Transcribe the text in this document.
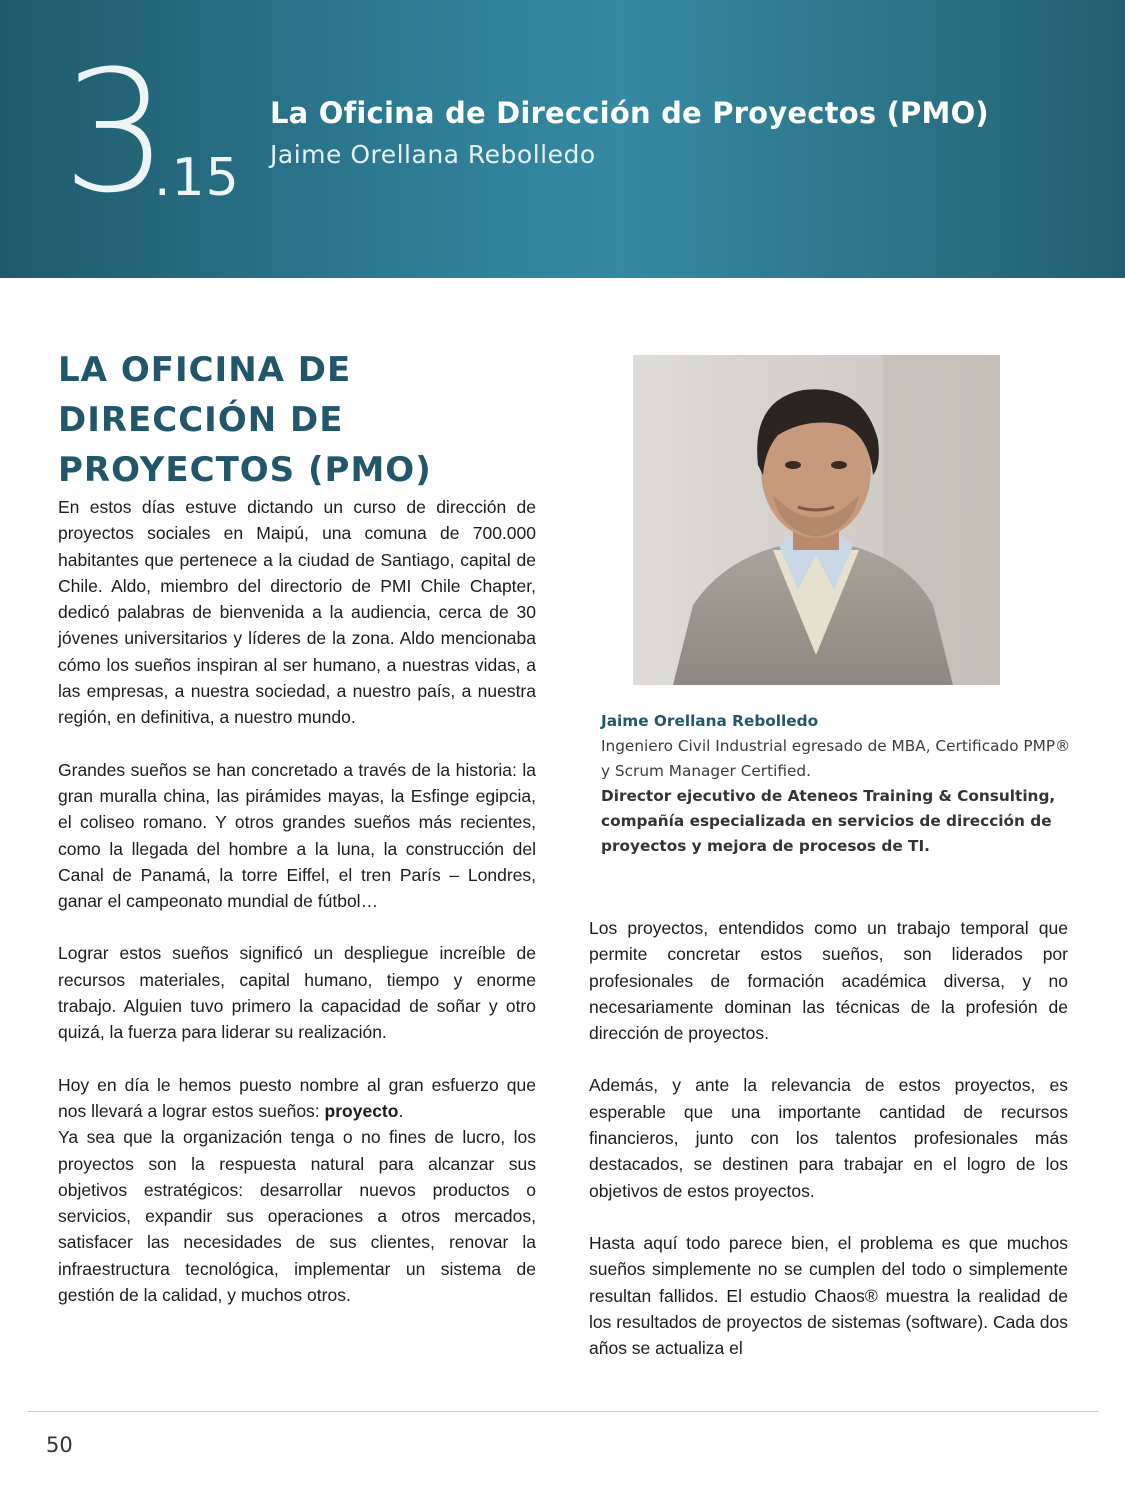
3
.15
La Oficina de Dirección de Proyectos (PMO)
Jaime Orellana Rebolledo
LA OFICINA DE DIRECCIÓN DE PROYECTOS (PMO)

En estos días estuve dictando un curso de dirección de proyectos sociales en Maipú, una comuna de 700.000 habitantes que pertenece a la ciudad de Santiago, capital de Chile. Aldo, miembro del directorio de PMI Chile Chapter, dedicó palabras de bienvenida a la audiencia, cerca de 30 jóvenes universitarios y líderes de la zona. Aldo mencionaba cómo los sueños inspiran al ser humano, a nuestras vidas, a las empresas, a nuestra sociedad, a nuestro país, a nuestra región, en definitiva, a nuestro mundo.

Grandes sueños se han concretado a través de la historia: la gran muralla china, las pirámides mayas, la Esfinge egipcia, el coliseo romano. Y otros grandes sueños más recientes, como la llegada del hombre a la luna, la construcción del Canal de Panamá, la torre Eiffel, el tren París – Londres, ganar el campeonato mundial de fútbol…

Lograr estos sueños significó un despliegue increíble de recursos materiales, capital humano, tiempo y enorme trabajo. Alguien tuvo primero la capacidad de soñar y otro quizá, la fuerza para liderar su realización.

Hoy en día le hemos puesto nombre al gran esfuerzo que nos llevará a lograr estos sueños: proyecto.

Ya sea que la organización tenga o no fines de lucro, los proyectos son la respuesta natural para alcanzar sus objetivos estratégicos: desarrollar nuevos productos o servicios, expandir sus operaciones a otros mercados, satisfacer las necesidades de sus clientes, renovar la infraestructura tecnológica, implementar un sistema de gestión de la calidad, y muchos otros.

Jaime Orellana Rebolledo
Ingeniero Civil Industrial egresado de MBA, Certificado PMP® y Scrum Manager Certified.
Director ejecutivo de Ateneos Training & Consulting, compañía especializada en servicios de dirección de proyectos y mejora de procesos de TI.

Los proyectos, entendidos como un trabajo temporal que permite concretar estos sueños, son liderados por profesionales de formación académica diversa, y no necesariamente dominan las técnicas de la profesión de dirección de proyectos.

Además, y ante la relevancia de estos proyectos, es esperable que una importante cantidad de recursos financieros, junto con los talentos profesionales más destacados, se destinen para trabajar en el logro de los objetivos de estos proyectos.

Hasta aquí todo parece bien, el problema es que muchos sueños simplemente no se cumplen del todo o simplemente resultan fallidos. El estudio Chaos® muestra la realidad de los resultados de proyectos de sistemas (software). Cada dos años se actualiza el

50
